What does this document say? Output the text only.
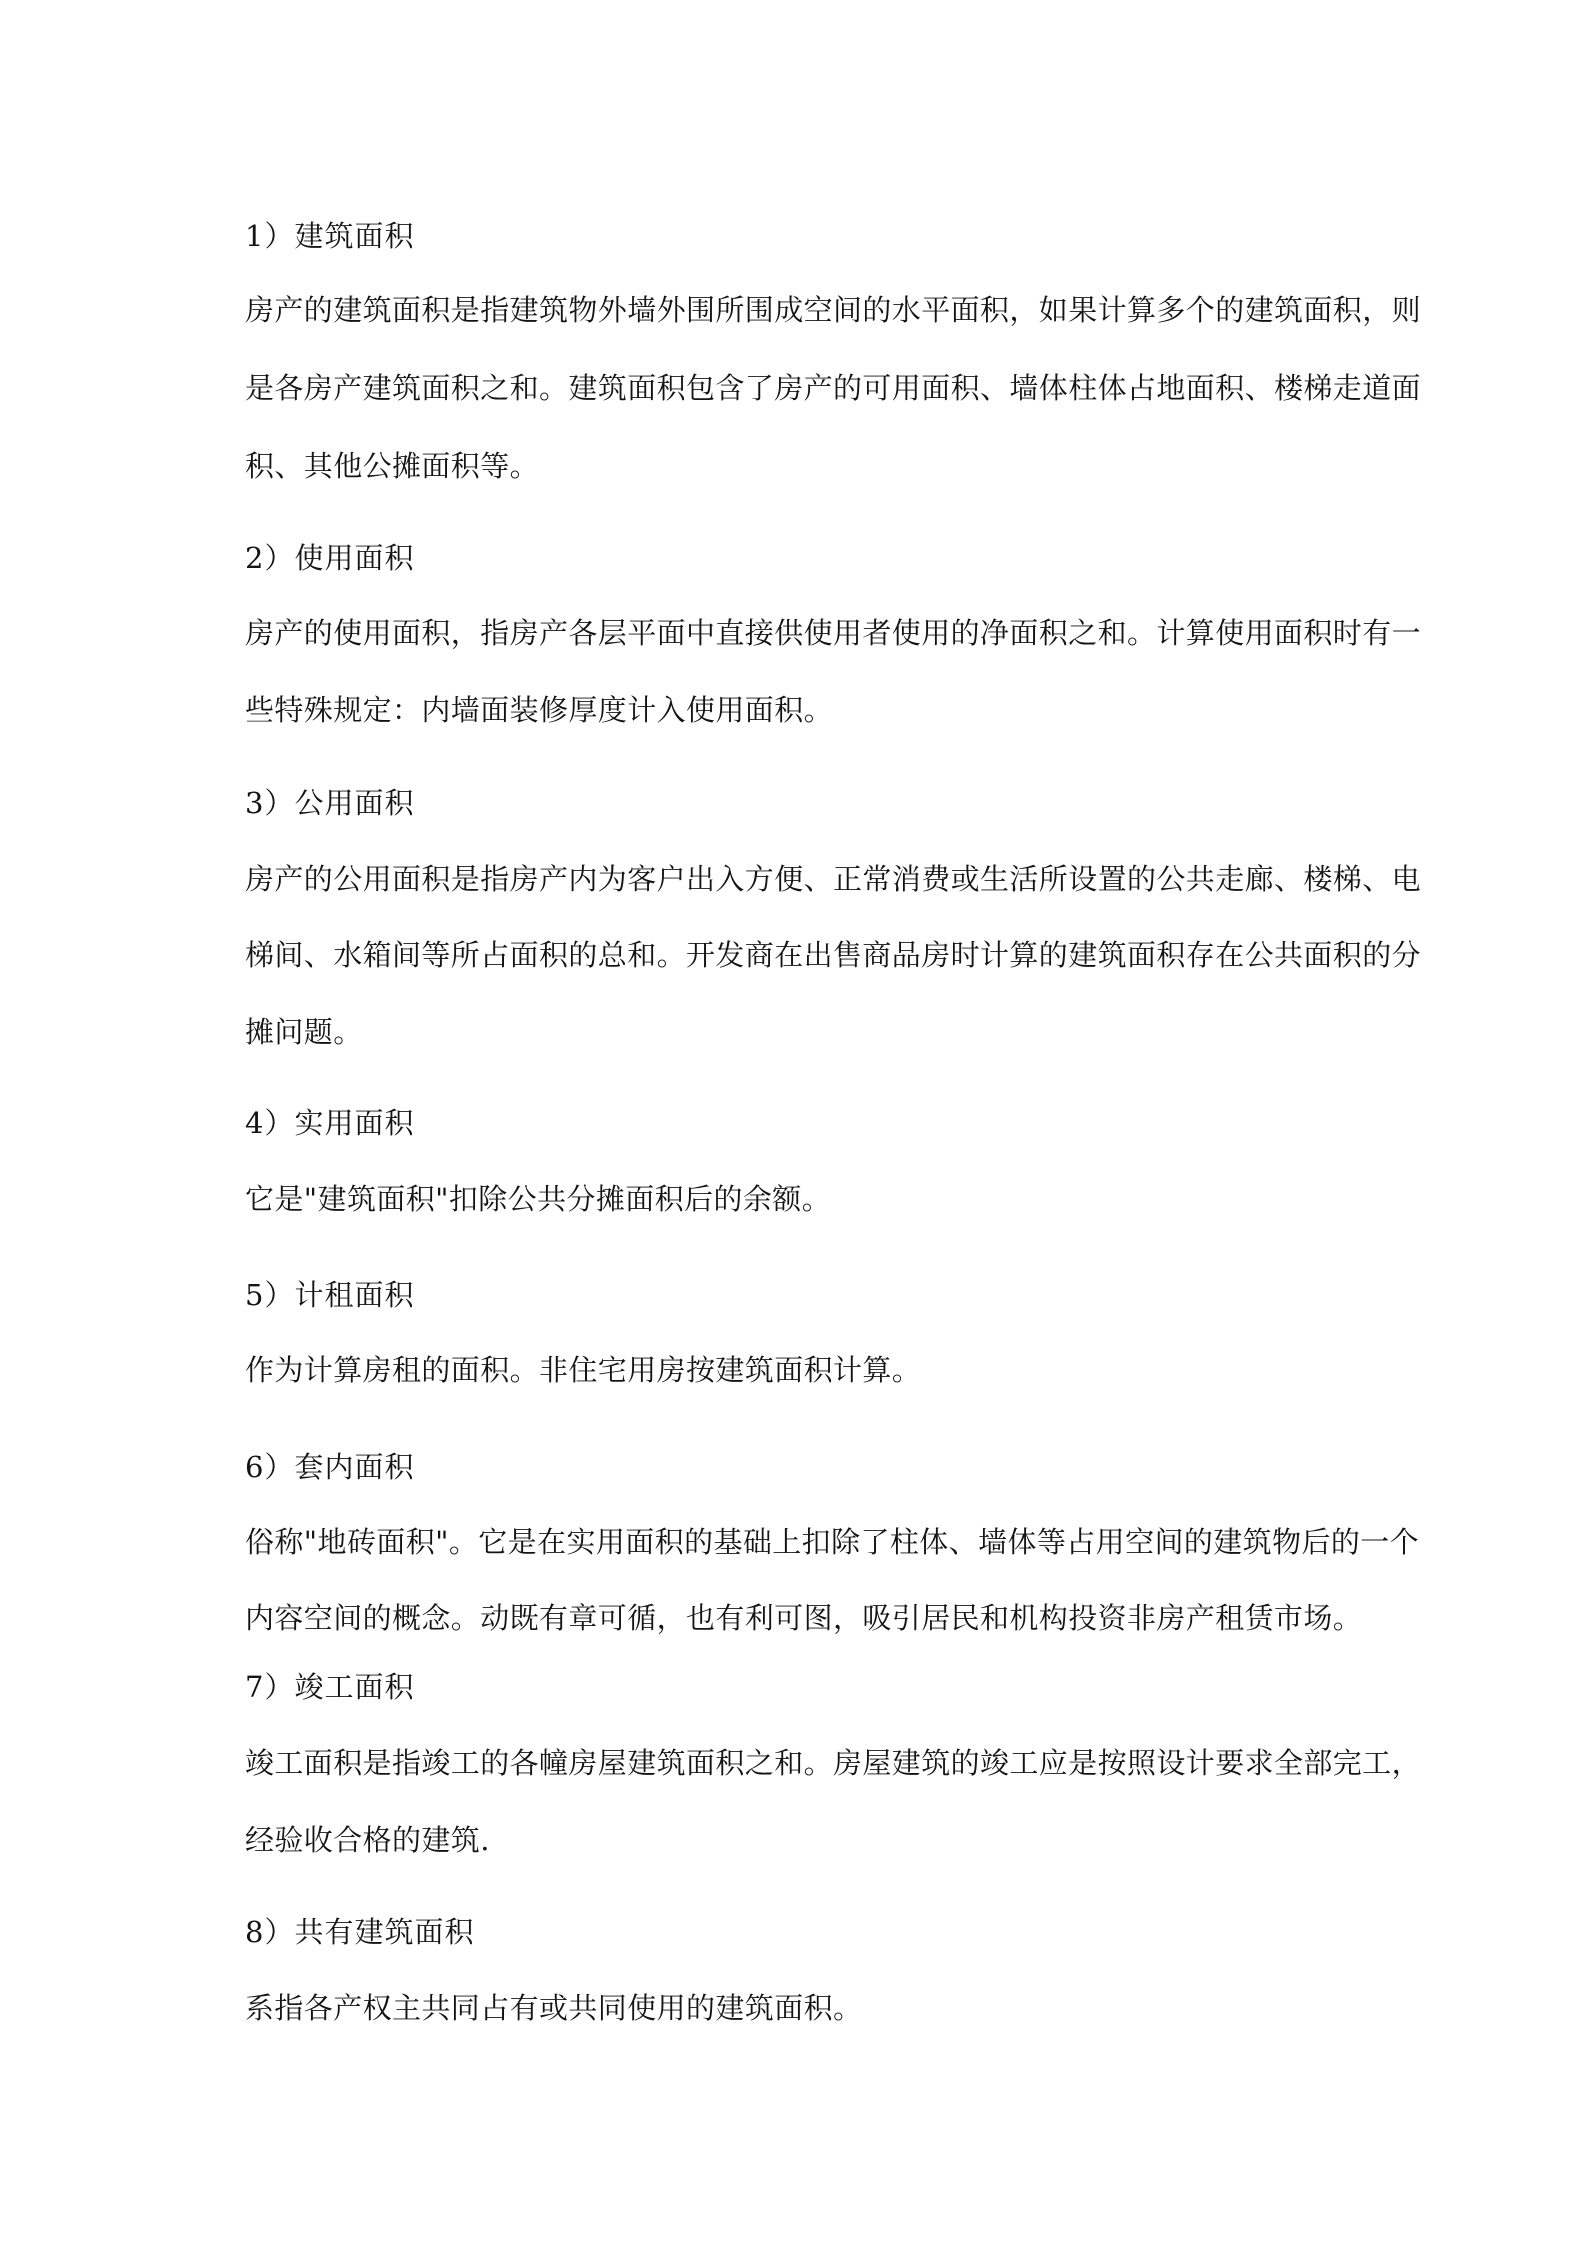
1）建筑面积

房产的建筑面积是指建筑物外墙外围所围成空间的水平面积，如果计算多个的建筑面积，则

是各房产建筑面积之和。建筑面积包含了房产的可用面积、墙体柱体占地面积、楼梯走道面

积、其他公摊面积等。

2）使用面积

房产的使用面积，指房产各层平面中直接供使用者使用的净面积之和。计算使用面积时有一

些特殊规定：内墙面装修厚度计入使用面积。

3）公用面积

房产的公用面积是指房产内为客户出入方便、正常消费或生活所设置的公共走廊、楼梯、电

梯间、水箱间等所占面积的总和。开发商在出售商品房时计算的建筑面积存在公共面积的分

摊问题。

4）实用面积

它是"建筑面积"扣除公共分摊面积后的余额。

5）计租面积

作为计算房租的面积。非住宅用房按建筑面积计算。

6）套内面积

俗称"地砖面积"。它是在实用面积的基础上扣除了柱体、墙体等占用空间的建筑物后的一个

内容空间的概念。动既有章可循，也有利可图，吸引居民和机构投资非房产租赁市场。

7）竣工面积

竣工面积是指竣工的各幢房屋建筑面积之和。房屋建筑的竣工应是按照设计要求全部完工，

经验收合格的建筑.

8）共有建筑面积

系指各产权主共同占有或共同使用的建筑面积。
